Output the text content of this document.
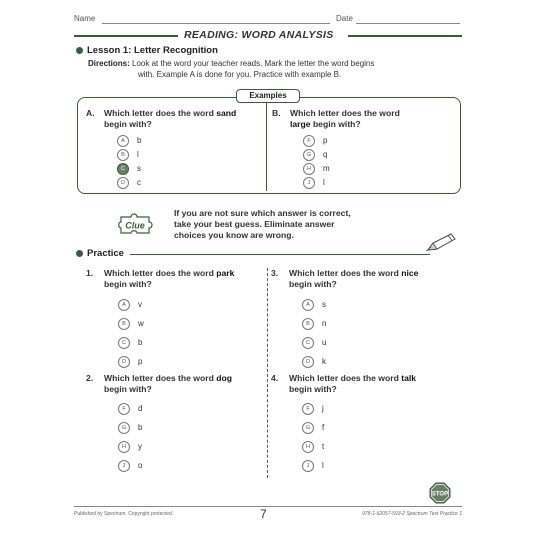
Name	Date
READING: WORD ANALYSIS
Lesson 1: Letter Recognition
Directions: Look at the word your teacher reads. Mark the letter the word begins
with. Example A is done for you. Practice with example B.
Examples
A. Which letter does the word sand
begin with?
A	b
B	l
C	s
D	c
B. Which letter does the word
large begin with?
F	p
G	q
H	m
J	l
Clue
If you are not sure which answer is correct,
take your best guess. Eliminate answer
choices you know are wrong.
Practice
1. Which letter does the word park
begin with?
A	v
B	w
C	b
D	p
3. Which letter does the word nice
begin with?
A	s
B	n
C	u
D	k
2. Which letter does the word dog
begin with?
F	d
G	b
H	y
J	o
4. Which letter does the word talk
begin with?
F	j
G	f
H	t
J	l
STOP
Published by Spectrum. Copyright protected.	978-1-62057-593-2 Spectrum Test Practice 1
7
